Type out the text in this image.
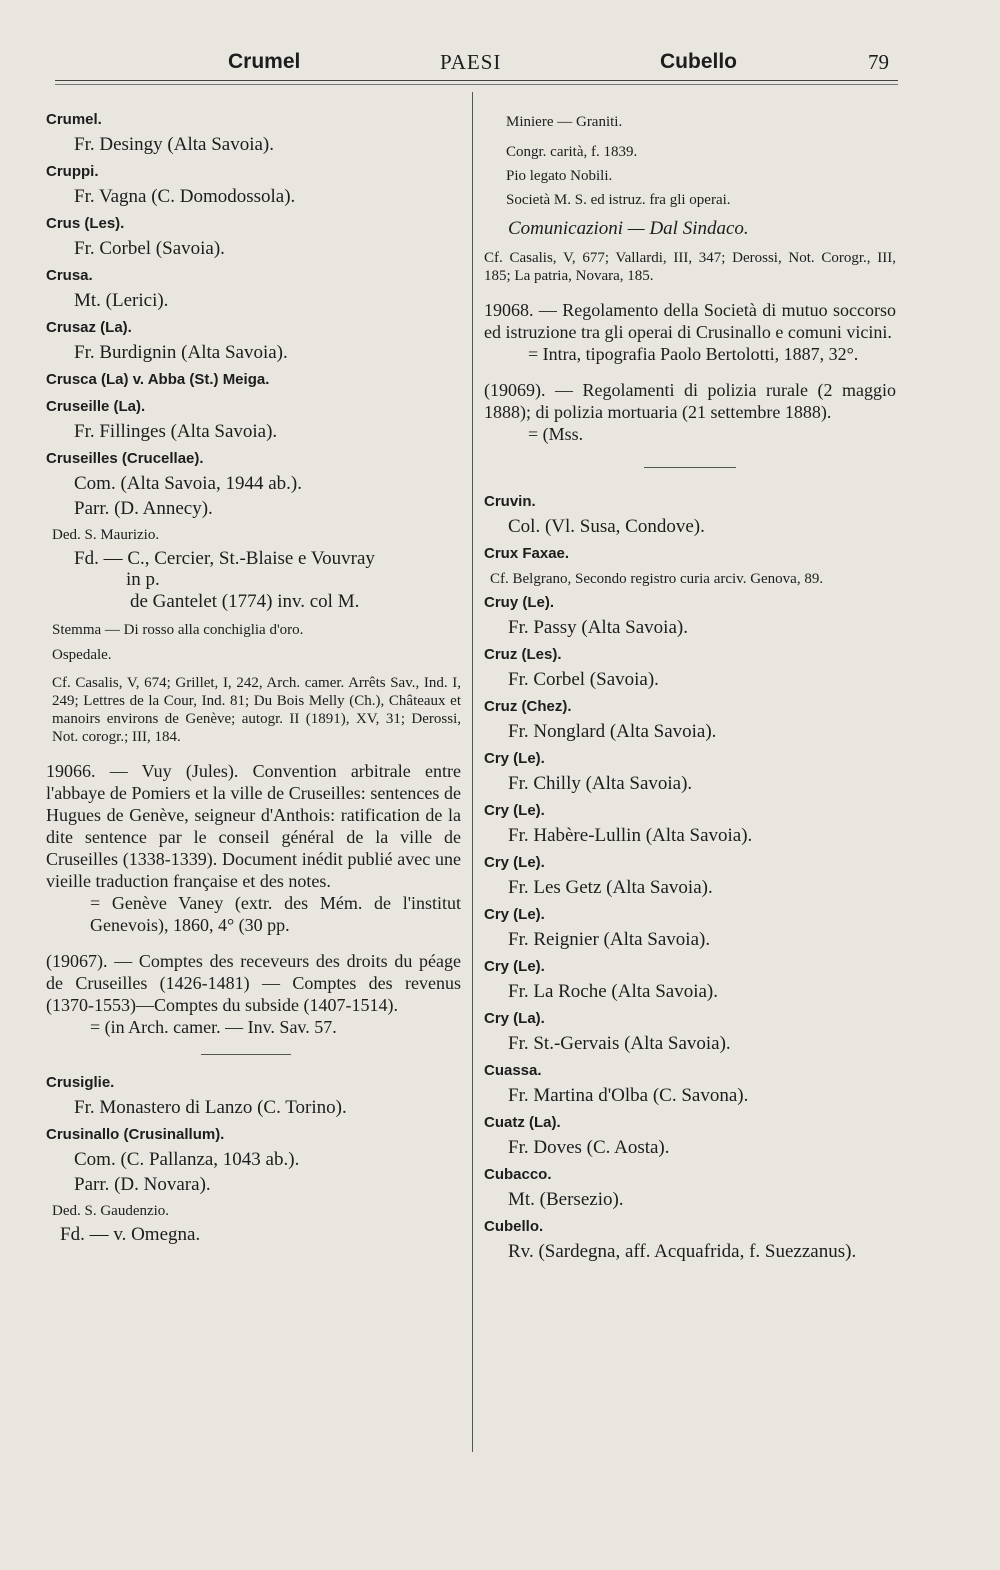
Crumel	PAESI	Cubello	79
Crumel.
Fr. Desingy (Alta Savoia).
Cruppi.
Fr. Vagna (C. Domodossola).
Crus (Les).
Fr. Corbel (Savoia).
Crusa.
Mt. (Lerici).
Crusaz (La).
Fr. Burdignin (Alta Savoia).
Crusca (La) v. Abba (St.) Meiga.
Cruseille (La).
Fr. Fillinges (Alta Savoia).
Cruseilles (Crucellae).
Com. (Alta Savoia, 1944 ab.).
Parr. (D. Annecy).
Ded. S. Maurizio.
Fd. — C., Cercier, St.-Blaise e Vouvray
in p.
de Gantelet (1774) inv. col M.
Stemma — Di rosso alla conchiglia d'oro.
Ospedale.
Cf. Casalis, V, 674; Grillet, I, 242, Arch. camer. Arrêts Sav., Ind. I, 249; Lettres de la Cour, Ind. 81; Du Bois Melly (Ch.), Châteaux et manoirs environs de Genève; autogr. II (1891), XV, 31; Derossi, Not. corogr.; III, 184.
19066. — Vuy (Jules). Convention arbitrale entre l'abbaye de Pomiers et la ville de Cruseilles: sentences de Hugues de Genève, seigneur d'Anthois: ratification de la dite sentence par le conseil général de la ville de Cruseilles (1338-1339). Document inédit publié avec une vieille traduction française et des notes.
= Genève Vaney (extr. des Mém. de l'institut Genevois), 1860, 4° (30 pp.
(19067). — Comptes des receveurs des droits du péage de Cruseilles (1426-1481) — Comptes des revenus (1370-1553)—Comptes du subside (1407-1514).
= (in Arch. camer. — Inv. Sav. 57.
Crusiglie.
Fr. Monastero di Lanzo (C. Torino).
Crusinallo (Crusinallum).
Com. (C. Pallanza, 1043 ab.).
Parr. (D. Novara).
Ded. S. Gaudenzio.
Fd. — v. Omegna.
Miniere — Graniti.
Congr. carità, f. 1839.
Pio legato Nobili.
Società M. S. ed istruz. fra gli operai.
Comunicazioni — Dal Sindaco.
Cf. Casalis, V, 677; Vallardi, III, 347; Derossi, Not. Corogr., III, 185; La patria, Novara, 185.
19068. — Regolamento della Società di mutuo soccorso ed istruzione tra gli operai di Crusinallo e comuni vicini.
= Intra, tipografia Paolo Bertolotti, 1887, 32°.
(19069). — Regolamenti di polizia rurale (2 maggio 1888); di polizia mortuaria (21 settembre 1888).
= (Mss.
Cruvin.
Col. (Vl. Susa, Condove).
Crux Faxae.
Cf. Belgrano, Secondo registro curia arciv. Genova, 89.
Cruy (Le).
Fr. Passy (Alta Savoia).
Cruz (Les).
Fr. Corbel (Savoia).
Cruz (Chez).
Fr. Nonglard (Alta Savoia).
Cry (Le).
Fr. Chilly (Alta Savoia).
Cry (Le).
Fr. Habère-Lullin (Alta Savoia).
Cry (Le).
Fr. Les Getz (Alta Savoia).
Cry (Le).
Fr. Reignier (Alta Savoia).
Cry (Le).
Fr. La Roche (Alta Savoia).
Cry (La).
Fr. St.-Gervais (Alta Savoia).
Cuassa.
Fr. Martina d'Olba (C. Savona).
Cuatz (La).
Fr. Doves (C. Aosta).
Cubacco.
Mt. (Bersezio).
Cubello.
Rv. (Sardegna, aff. Acquafrida, f. Suezzanus).
